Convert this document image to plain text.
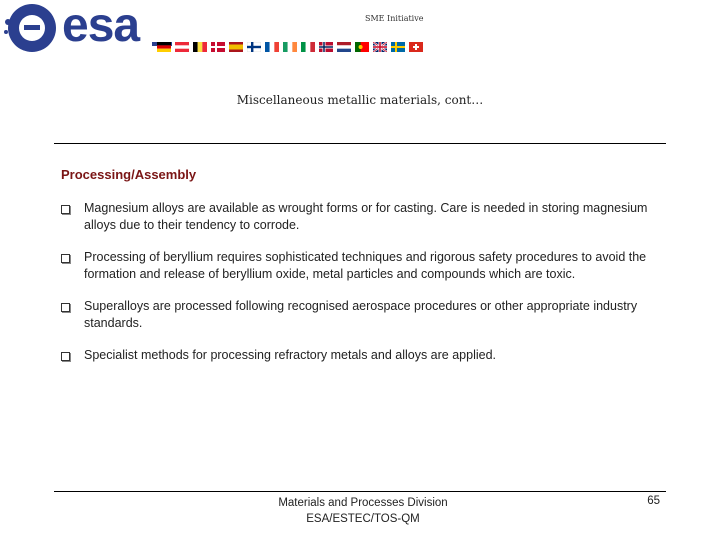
esa	SME Initiative
Miscellaneous metallic materials, cont…
Processing/Assembly
Magnesium alloys are available as wrought forms or for casting. Care is needed in storing magnesium alloys due to their tendency to corrode.
Processing of beryllium requires sophisticated techniques and rigorous safety procedures to avoid the formation and release of beryllium oxide, metal particles and compounds which are toxic.
Superalloys are processed following recognised aerospace procedures or other appropriate industry standards.
Specialist methods for processing refractory metals and alloys are applied.
Materials and Processes Division
ESA/ESTEC/TOS-QM
65
